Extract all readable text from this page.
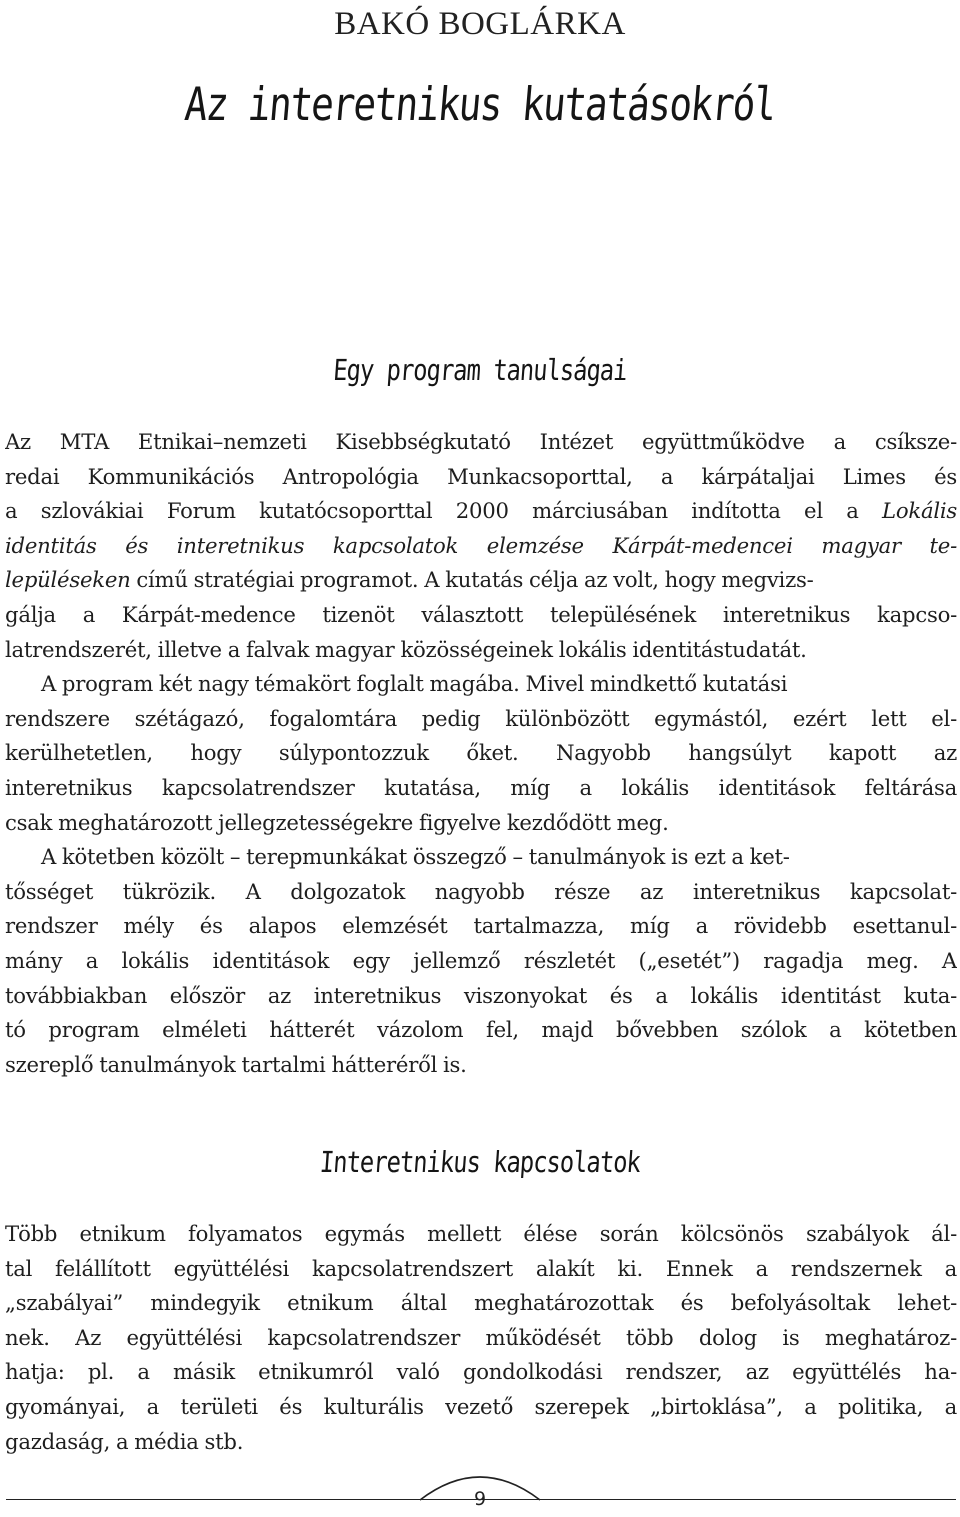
BAKÓ BOGLÁRKA
Az interetnikus kutatásokról
Egy program tanulságai
Az MTA Etnikai–nemzeti Kisebbségkutató Intézet együttműködve a csíksze-
redai Kommunikációs Antropológia Munkacsoporttal, a kárpátaljai Limes és
a szlovákiai Forum kutatócsoporttal 2000 márciusában indította el a Lokális
identitás és interetnikus kapcsolatok elemzése Kárpát-medencei magyar te-
lepüléseken című stratégiai programot. A kutatás célja az volt, hogy megvizs-
gálja a Kárpát-medence tizenöt választott településének interetnikus kapcso-
latrendszerét, illetve a falvak magyar közösségeinek lokális identitástudatát.
A program két nagy témakört foglalt magába. Mivel mindkettő kutatási
rendszere szétágazó, fogalomtára pedig különbözött egymástól, ezért lett el-
kerülhetetlen, hogy súlypontozzuk őket. Nagyobb hangsúlyt kapott az
interetnikus kapcsolatrendszer kutatása, míg a lokális identitások feltárása
csak meghatározott jellegzetességekre figyelve kezdődött meg.
A kötetben közölt – terepmunkákat összegző – tanulmányok is ezt a ket-
tősséget tükrözik. A dolgozatok nagyobb része az interetnikus kapcsolat-
rendszer mély és alapos elemzését tartalmazza, míg a rövidebb esettanul-
mány a lokális identitások egy jellemző részletét („esetét”) ragadja meg. A
továbbiakban először az interetnikus viszonyokat és a lokális identitást kuta-
tó program elméleti hátterét vázolom fel, majd bővebben szólok a kötetben
szereplő tanulmányok tartalmi hátteréről is.
Interetnikus kapcsolatok
Több etnikum folyamatos egymás mellett élése során kölcsönös szabályok ál-
tal felállított együttélési kapcsolatrendszert alakít ki. Ennek a rendszernek a
„szabályai” mindegyik etnikum által meghatározottak és befolyásoltak lehet-
nek. Az együttélési kapcsolatrendszer működését több dolog is meghatároz-
hatja: pl. a másik etnikumról való gondolkodási rendszer, az együttélés ha-
gyományai, a területi és kulturális vezető szerepek „birtoklása”, a politika, a
gazdaság, a média stb.
9
